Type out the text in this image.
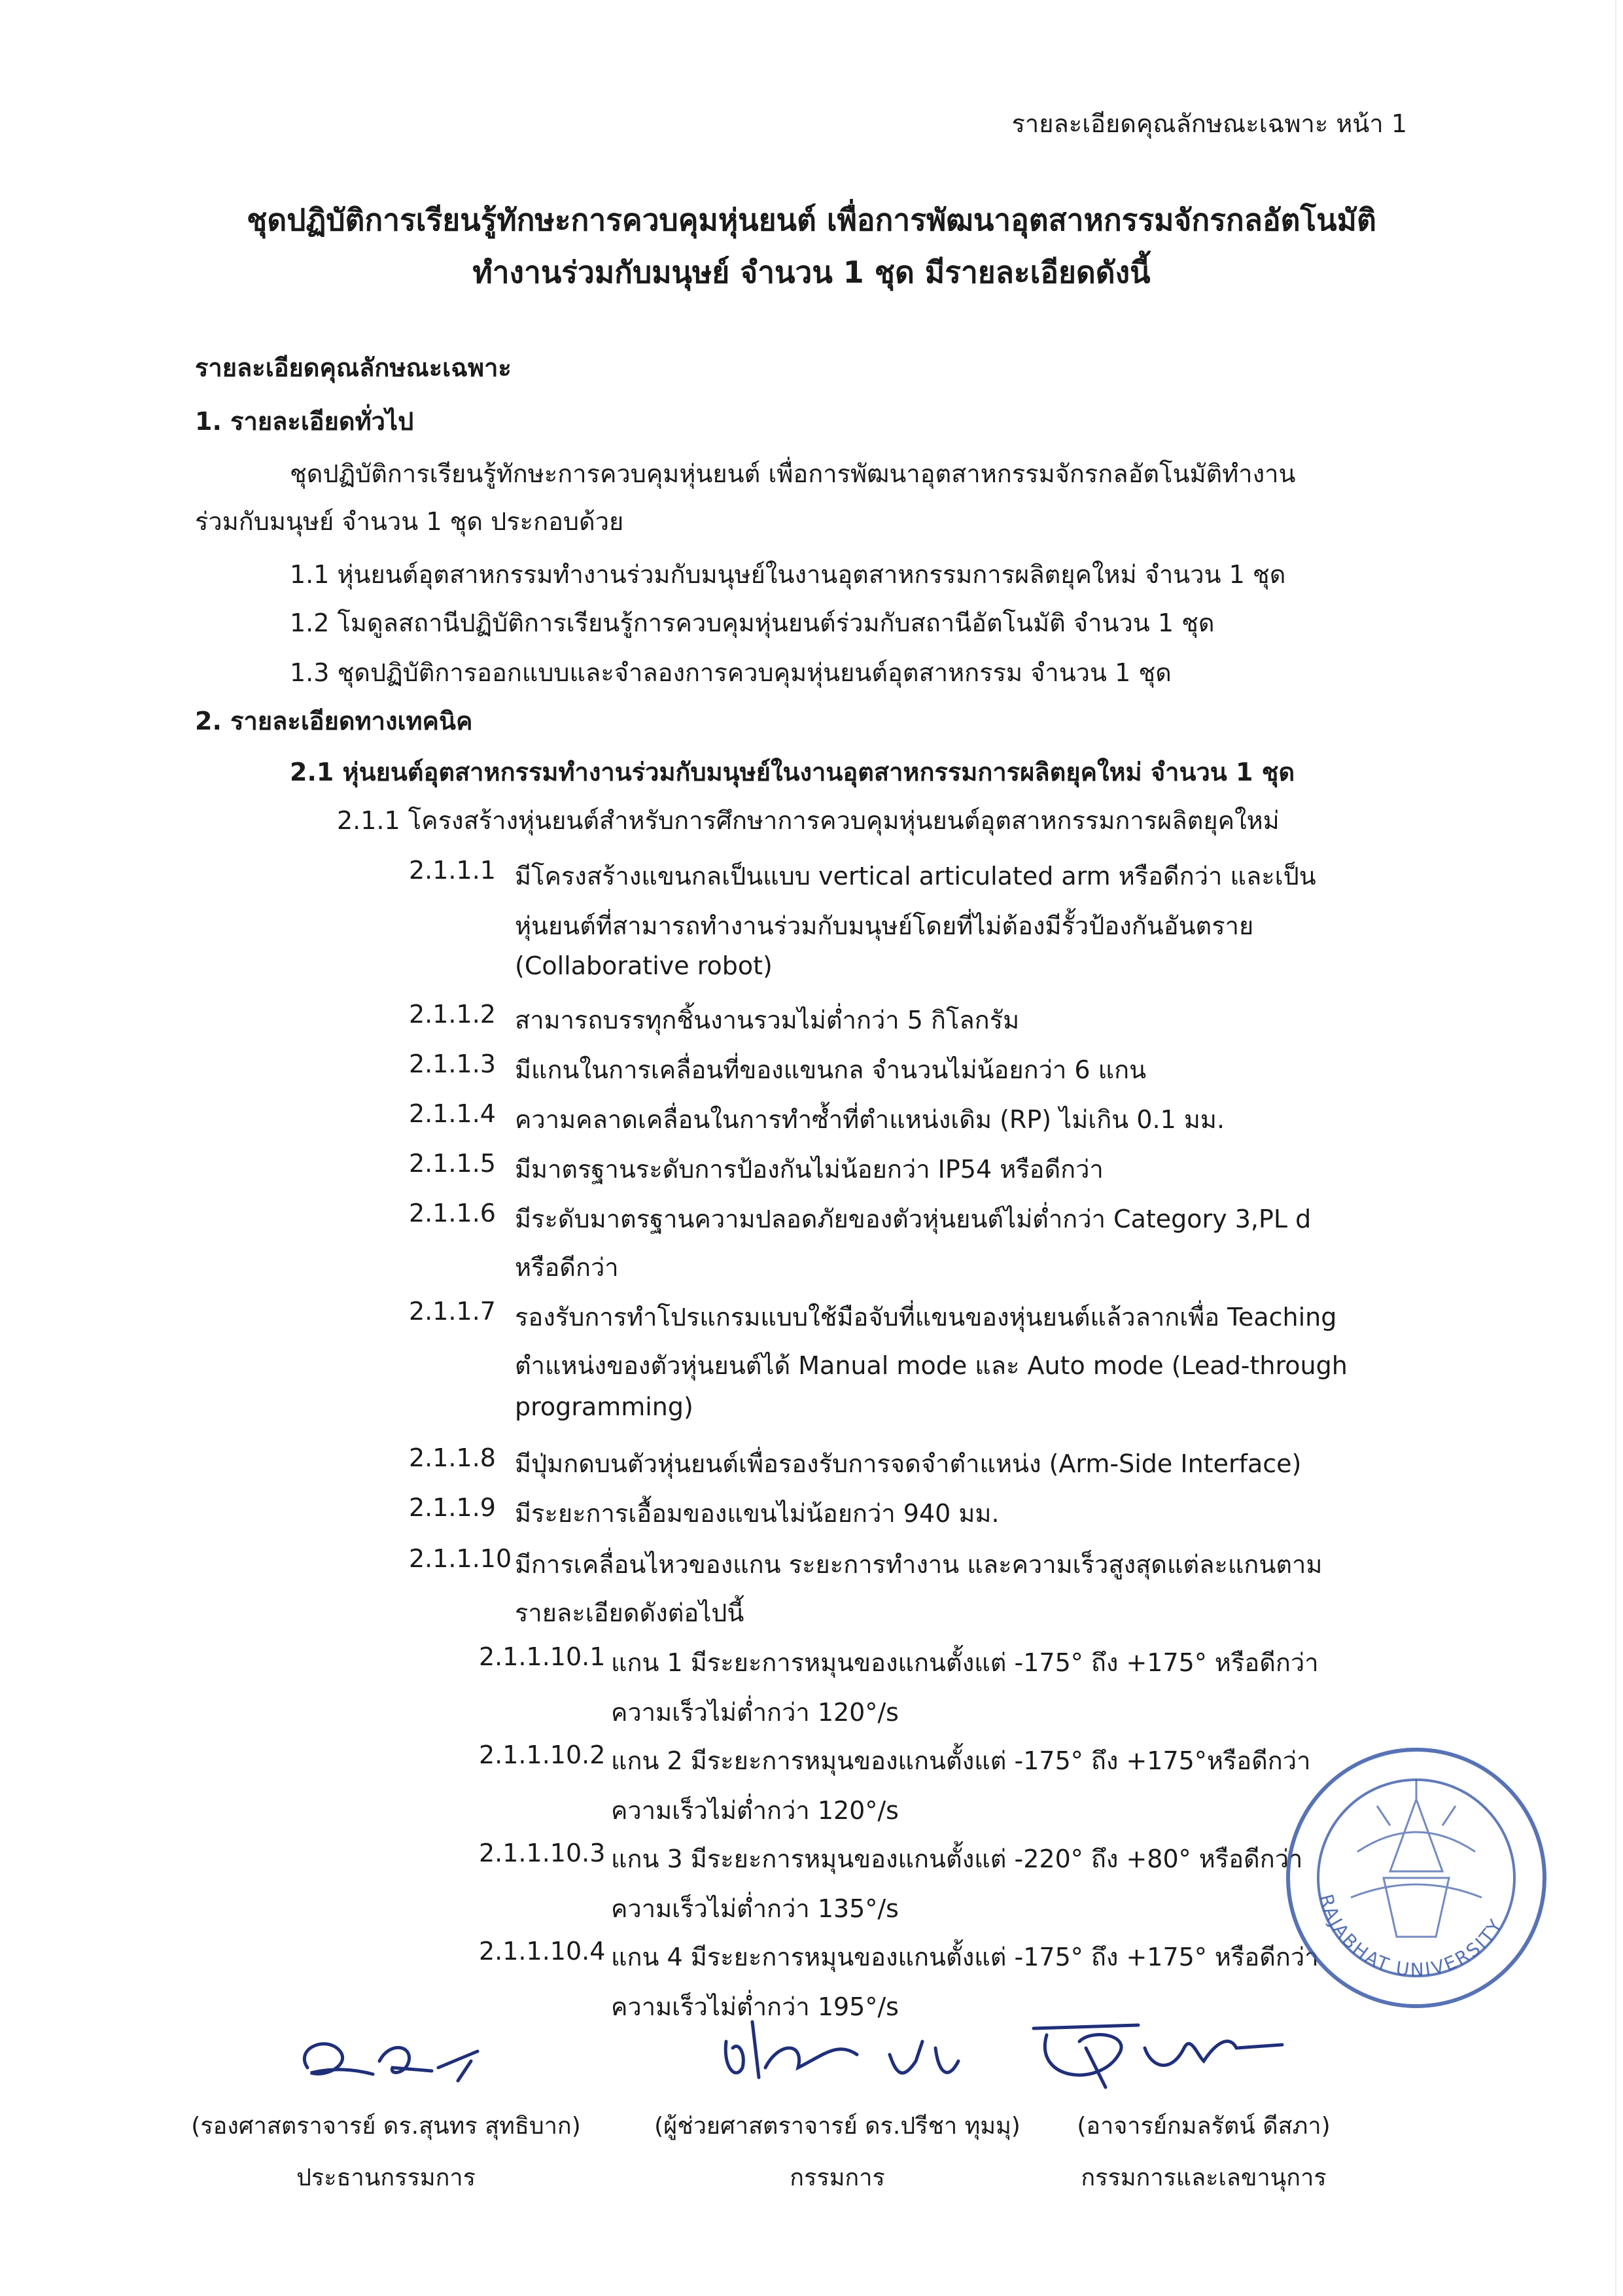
รายละเอียดคุณลักษณะเฉพาะ หน้า 1
ชุดปฏิบัติการเรียนรู้ทักษะการควบคุมหุ่นยนต์ เพื่อการพัฒนาอุตสาหกรรมจักรกลอัตโนมัติ
ทำงานร่วมกับมนุษย์ จำนวน 1 ชุด มีรายละเอียดดังนี้
รายละเอียดคุณลักษณะเฉพาะ
1. รายละเอียดทั่วไป
ชุดปฏิบัติการเรียนรู้ทักษะการควบคุมหุ่นยนต์ เพื่อการพัฒนาอุตสาหกรรมจักรกลอัตโนมัติทำงาน
ร่วมกับมนุษย์ จำนวน 1 ชุด ประกอบด้วย
1.1 หุ่นยนต์อุตสาหกรรมทำงานร่วมกับมนุษย์ในงานอุตสาหกรรมการผลิตยุคใหม่ จำนวน 1 ชุด
1.2 โมดูลสถานีปฏิบัติการเรียนรู้การควบคุมหุ่นยนต์ร่วมกับสถานีอัตโนมัติ จำนวน 1 ชุด
1.3 ชุดปฏิบัติการออกแบบและจำลองการควบคุมหุ่นยนต์อุตสาหกรรม จำนวน 1 ชุด
2. รายละเอียดทางเทคนิค
2.1 หุ่นยนต์อุตสาหกรรมทำงานร่วมกับมนุษย์ในงานอุตสาหกรรมการผลิตยุคใหม่ จำนวน 1 ชุด
2.1.1 โครงสร้างหุ่นยนต์สำหรับการศึกษาการควบคุมหุ่นยนต์อุตสาหกรรมการผลิตยุคใหม่
2.1.1.1 มีโครงสร้างแขนกลเป็นแบบ vertical articulated arm หรือดีกว่า และเป็น
หุ่นยนต์ที่สามารถทำงานร่วมกับมนุษย์โดยที่ไม่ต้องมีรั้วป้องกันอันตราย
(Collaborative robot)
2.1.1.2 สามารถบรรทุกชิ้นงานรวมไม่ต่ำกว่า 5 กิโลกรัม
2.1.1.3 มีแกนในการเคลื่อนที่ของแขนกล จำนวนไม่น้อยกว่า 6 แกน
2.1.1.4 ความคลาดเคลื่อนในการทำซ้ำที่ตำแหน่งเดิม (RP) ไม่เกิน 0.1 มม.
2.1.1.5 มีมาตรฐานระดับการป้องกันไม่น้อยกว่า IP54 หรือดีกว่า
2.1.1.6 มีระดับมาตรฐานความปลอดภัยของตัวหุ่นยนต์ไม่ต่ำกว่า Category 3,PL d
หรือดีกว่า
2.1.1.7 รองรับการทำโปรแกรมแบบใช้มือจับที่แขนของหุ่นยนต์แล้วลากเพื่อ Teaching
ตำแหน่งของตัวหุ่นยนต์ได้ Manual mode และ Auto mode (Lead-through
programming)
2.1.1.8 มีปุ่มกดบนตัวหุ่นยนต์เพื่อรองรับการจดจำตำแหน่ง (Arm-Side Interface)
2.1.1.9 มีระยะการเอื้อมของแขนไม่น้อยกว่า 940 มม.
2.1.1.10 มีการเคลื่อนไหวของแกน ระยะการทำงาน และความเร็วสูงสุดแต่ละแกนตาม
รายละเอียดดังต่อไปนี้
2.1.1.10.1 แกน 1 มีระยะการหมุนของแกนตั้งแต่ -175° ถึง +175° หรือดีกว่า
ความเร็วไม่ต่ำกว่า 120°/s
2.1.1.10.2 แกน 2 มีระยะการหมุนของแกนตั้งแต่ -175° ถึง +175°หรือดีกว่า
ความเร็วไม่ต่ำกว่า 120°/s
2.1.1.10.3 แกน 3 มีระยะการหมุนของแกนตั้งแต่ -220° ถึง +80° หรือดีกว่า
ความเร็วไม่ต่ำกว่า 135°/s
2.1.1.10.4 แกน 4 มีระยะการหมุนของแกนตั้งแต่ -175° ถึง +175° หรือดีกว่า
ความเร็วไม่ต่ำกว่า 195°/s
RAJABHAT UNIVERSITY
(รองศาสตราจารย์ ดร.สุนทร สุทธิบาก)
ประธานกรรมการ
(ผู้ช่วยศาสตราจารย์ ดร.ปรีชา ทุมมุ)
กรรมการ
(อาจารย์กมลรัตน์ ดีสภา)
กรรมการและเลขานุการ
